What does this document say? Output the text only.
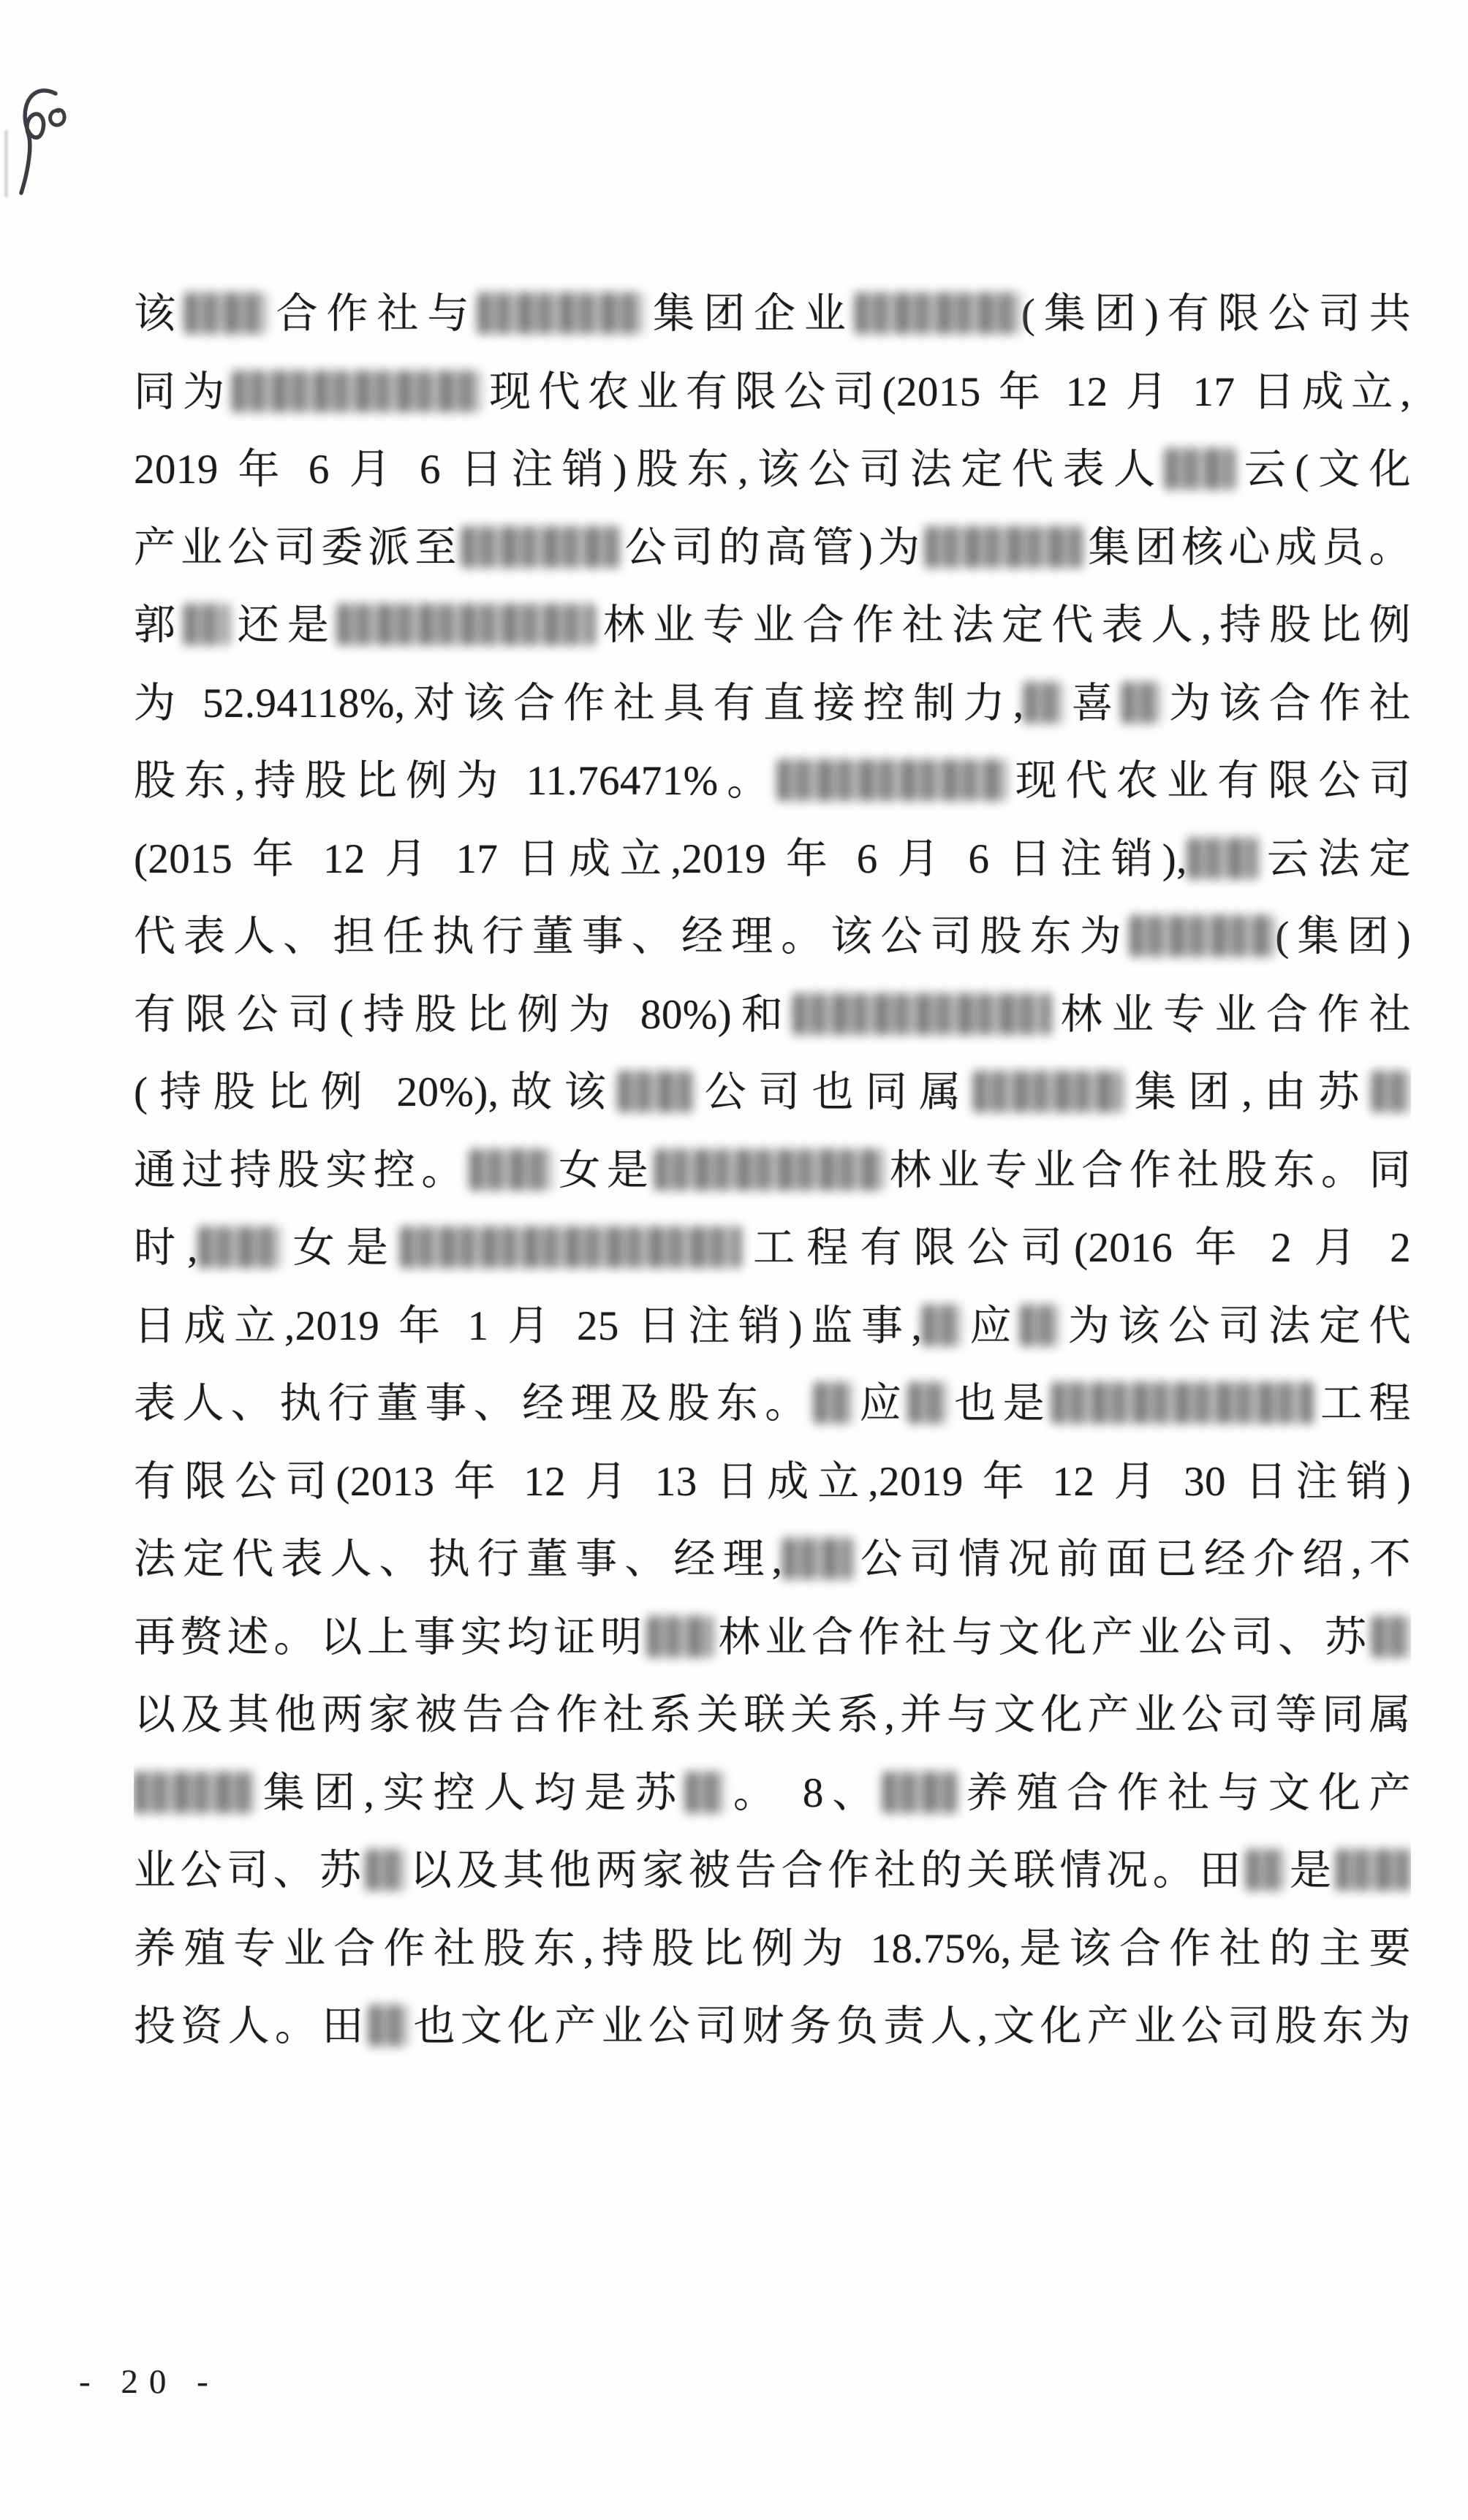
该 合作社与	集团企业	(集团)有限公司共

同为	现代农业有限公司(2015 年 12 月 17 日成立,

2019 年 6 月 6 日注销)股东,该公司法定代表人 云(文化

产业公司委派至	公司的高管)为	集团核心成员。

郭 还是	林业专业合作社法定代表人,持股比例

为 52.94118%,对该合作社具有直接控制力, 喜 为该合作社

股东,持股比例为 11.76471%。	现代农业有限公司

(2015 年 12 月 17 日成立,2019 年 6 月 6 日注销), 云法定

代表人、担任执行董事、经理。该公司股东为	(集团)

有限公司(持股比例为 80%)和	林业专业合作社

(持股比例 20%),故该 公司也同属	集团,由苏

通过持股实控。 女是	林业专业合作社股东。同

时, 女是	工程有限公司(2016 年 2 月 2

日成立,2019 年 1 月 25 日注销)监事, 应 为该公司法定代

表人、执行董事、经理及股东。 应 也是	工程

有限公司(2013 年 12 月 13 日成立,2019 年 12 月 30 日注销)

法定代表人、执行董事、经理, 公司情况前面已经介绍,不

再赘述。以上事实均证明 林业合作社与文化产业公司、苏

以及其他两家被告合作社系关联关系,并与文化产业公司等同属

集团,实控人均是苏 。 8、 养殖合作社与文化产

业公司、苏 以及其他两家被告合作社的关联情况。田 是

养殖专业合作社股东,持股比例为 18.75%,是该合作社的主要

投资人。田 也文化产业公司财务负责人,文化产业公司股东为

- 20 -
